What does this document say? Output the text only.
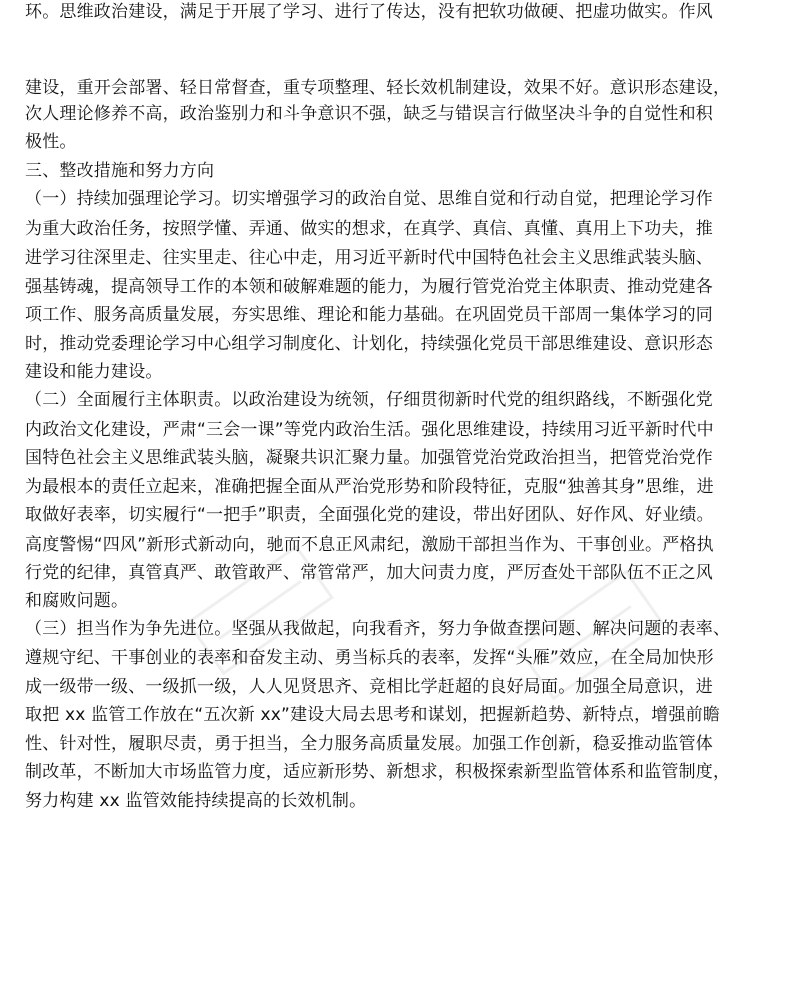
环。思维政治建设，满足于开展了学习、进行了传达，没有把软功做硬、把虚功做实。作风
建设，重开会部署、轻日常督查，重专项整理、轻长效机制建设，效果不好。意识形态建设，
次人理论修养不高，政治鉴别力和斗争意识不强，缺乏与错误言行做坚决斗争的自觉性和积
极性。
三、整改措施和努力方向
（一）持续加强理论学习。切实增强学习的政治自觉、思维自觉和行动自觉，把理论学习作
为重大政治任务，按照学懂、弄通、做实的想求，在真学、真信、真懂、真用上下功夫，推
进学习往深里走、往实里走、往心中走，用习近平新时代中国特色社会主义思维武装头脑、
强基铸魂，提高领导工作的本领和破解难题的能力，为履行管党治党主体职责、推动党建各
项工作、服务高质量发展，夯实思维、理论和能力基础。在巩固党员干部周一集体学习的同
时，推动党委理论学习中心组学习制度化、计划化，持续强化党员干部思维建设、意识形态
建设和能力建设。
（二）全面履行主体职责。以政治建设为统领，仔细贯彻新时代党的组织路线，不断强化党
内政治文化建设，严肃“三会一课”等党内政治生活。强化思维建设，持续用习近平新时代中
国特色社会主义思维武装头脑，凝聚共识汇聚力量。加强管党治党政治担当，把管党治党作
为最根本的责任立起来，准确把握全面从严治党形势和阶段特征，克服“独善其身”思维，进
取做好表率，切实履行“一把手”职责，全面强化党的建设，带出好团队、好作风、好业绩。
高度警惕“四风”新形式新动向，驰而不息正风肃纪，激励干部担当作为、干事创业。严格执
行党的纪律，真管真严、敢管敢严、常管常严，加大问责力度，严厉查处干部队伍不正之风
和腐败问题。
（三）担当作为争先进位。坚强从我做起，向我看齐，努力争做查摆问题、解决问题的表率、
遵规守纪、干事创业的表率和奋发主动、勇当标兵的表率，发挥“头雁”效应，在全局加快形
成一级带一级、一级抓一级，人人见贤思齐、竞相比学赶超的良好局面。加强全局意识，进
取把 xx 监管工作放在“五次新 xx”建设大局去思考和谋划，把握新趋势、新特点，增强前瞻
性、针对性，履职尽责，勇于担当，全力服务高质量发展。加强工作创新，稳妥推动监管体
制改革，不断加大市场监管力度，适应新形势、新想求，积极探索新型监管体系和监管制度，
努力构建 xx 监管效能持续提高的长效机制。
